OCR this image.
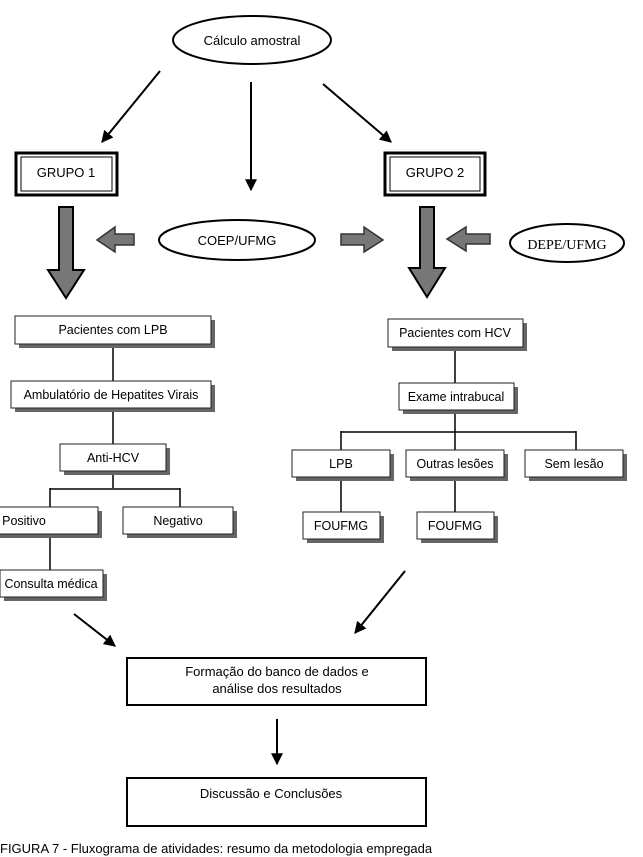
Cálculo amostral
GRUPO 1	GRUPO 2
COEP/UFMG	DEPE/UFMG
Pacientes com LPB
Ambulatório de Hepatites Virais
Anti-HCV
Positivo	Negativo
Consulta médica
Pacientes com HCV
Exame intrabucal
LPB	Outras lesões	Sem lesão
FOUFMG	FOUFMG
Formação do banco de dados e
análise dos resultados
Discussão e Conclusões
FIGURA 7 - Fluxograma de atividades: resumo da metodologia empregada
